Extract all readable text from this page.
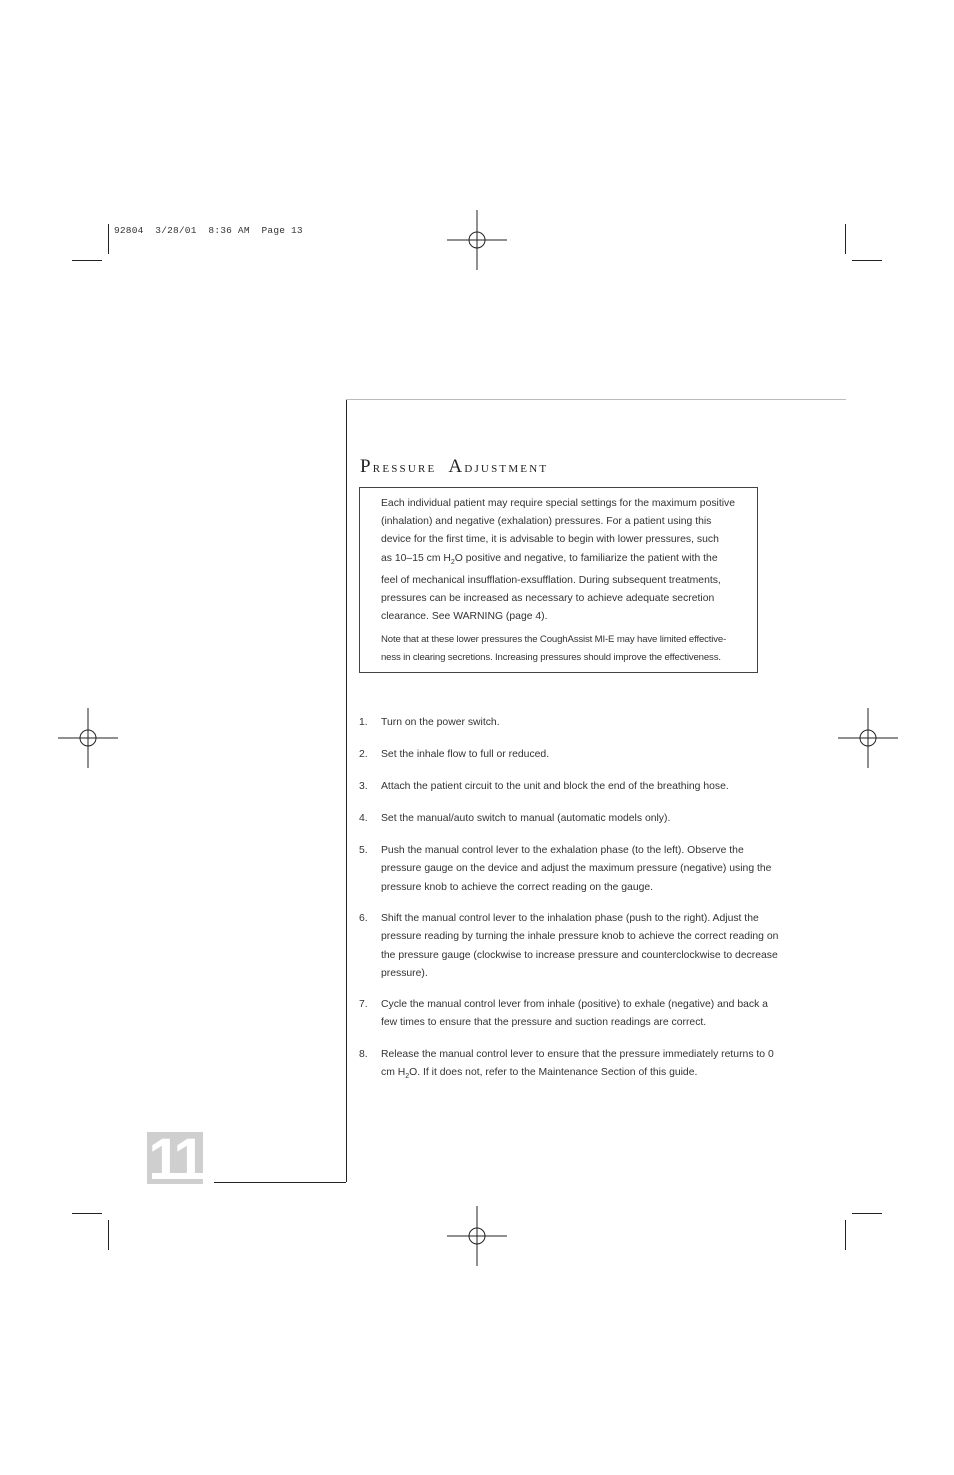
92804  3/28/01  8:36 AM  Page 13
Pressure Adjustment
Each individual patient may require special settings for the maximum positive
(inhalation) and negative (exhalation) pressures. For a patient using this
device for the first time, it is advisable to begin with lower pressures, such
as 10–15 cm $H_2O$ positive and negative, to familiarize the patient with the
feel of mechanical insufflation-exsufflation. During subsequent treatments,
pressures can be increased as necessary to achieve adequate secretion
clearance. See WARNING (page 4).
Note that at these lower pressures the CoughAssist MI-E may have limited effective-
ness in clearing secretions. Increasing pressures should improve the effectiveness.
1.	Turn on the power switch.
2.	Set the inhale flow to full or reduced.
3.	Attach the patient circuit to the unit and block the end of the breathing hose.
4.	Set the manual/auto switch to manual (automatic models only).
5.	Push the manual control lever to the exhalation phase (to the left). Observe the pressure gauge on the device and adjust the maximum pressure (negative) using the pressure knob to achieve the correct reading on the gauge.
6.	Shift the manual control lever to the inhalation phase (push to the right). Adjust the pressure reading by turning the inhale pressure knob to achieve the correct reading on the pressure gauge (clockwise to increase pressure and counterclockwise to decrease pressure).
7.	Cycle the manual control lever from inhale (positive) to exhale (negative) and back a few times to ensure that the pressure and suction readings are correct.
8.	Release the manual control lever to ensure that the pressure immediately returns to 0 cm $H_2O$. If it does not, refer to the Maintenance Section of this guide.
11
